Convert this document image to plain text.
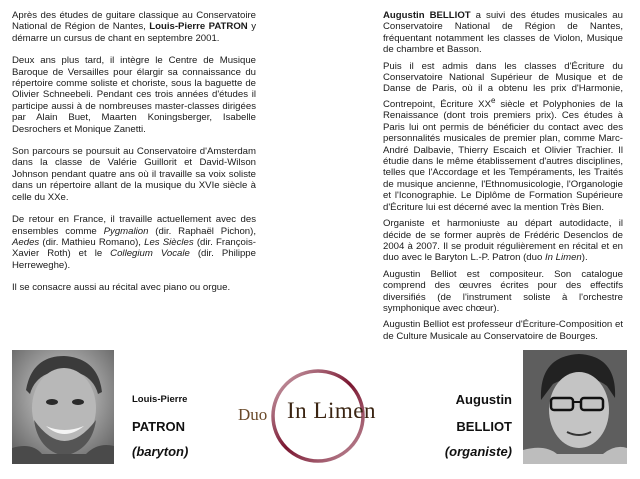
Après des études de guitare classique au Conservatoire National de Région de Nantes, Louis-Pierre PATRON y démarre un cursus de chant en septembre 2001.

Deux ans plus tard, il intègre le Centre de Musique Baroque de Versailles pour élargir sa connaissance du répertoire comme soliste et choriste, sous la baguette de Olivier Schneebeli. Pendant ces trois années d'études il participe aussi à de nombreuses master-classes dirigées par Alain Buet, Maarten Koningsberger, Isabelle Desrochers et Monique Zanetti.

Son parcours se poursuit au Conservatoire d'Amsterdam dans la classe de Valérie Guillorit et David-Wilson Johnson pendant quatre ans où il travaille sa voix soliste dans un répertoire allant de la musique du XVIe siècle à celle du XXe.

De retour en France, il travaille actuellement avec des ensembles comme Pygmalion (dir. Raphaël Pichon), Aedes (dir. Mathieu Romano), Les Siècles (dir. François-Xavier Roth) et le Collegium Vocale (dir. Philippe Herreweghe).

Il se consacre aussi au récital avec piano ou orgue.

Augustin BELLIOT a suivi des études musicales au Conservatoire National de Région de Nantes, fréquentant notamment les classes de Violon, Musique de chambre et Basson.

Puis il est admis dans les classes d'Écriture du Conservatoire National Supérieur de Musique et de Danse de Paris, où il a obtenu les prix d'Harmonie, Contrepoint, Écriture XXe siècle et Polyphonies de la Renaissance (dont trois premiers prix). Ces études à Paris lui ont permis de bénéficier du contact avec des personnalités musicales de premier plan, comme Marc-André Dalbavie, Thierry Escaich et Olivier Trachier. Il étudie dans le même établissement d'autres disciplines, telles que l'Accordage et les Tempéraments, les Traités de musique ancienne, l'Ethnomusicologie, l'Organologie et l'Iconographie. Le Diplôme de Formation Supérieure d'Écriture lui est décerné avec la mention Très Bien.

Organiste et harmoniuste au départ autodidacte, il décide de se former auprès de Frédéric Desenclos de 2004 à 2007. Il se produit régulièrement en récital et en duo avec le Baryton L.-P. Patron (duo In Limen).

Augustin Belliot est compositeur. Son catalogue comprend des œuvres écrites pour des effectifs diversifiés (de l'instrument soliste à l'orchestre symphonique avec chœur).

Augustin Belliot est professeur d'Écriture-Composition et de Culture Musicale au Conservatoire de Bourges.

Louis-Pierre
PATRON
(baryton)
Augustin
BELLIOT
(organiste)
Duo In Limen
